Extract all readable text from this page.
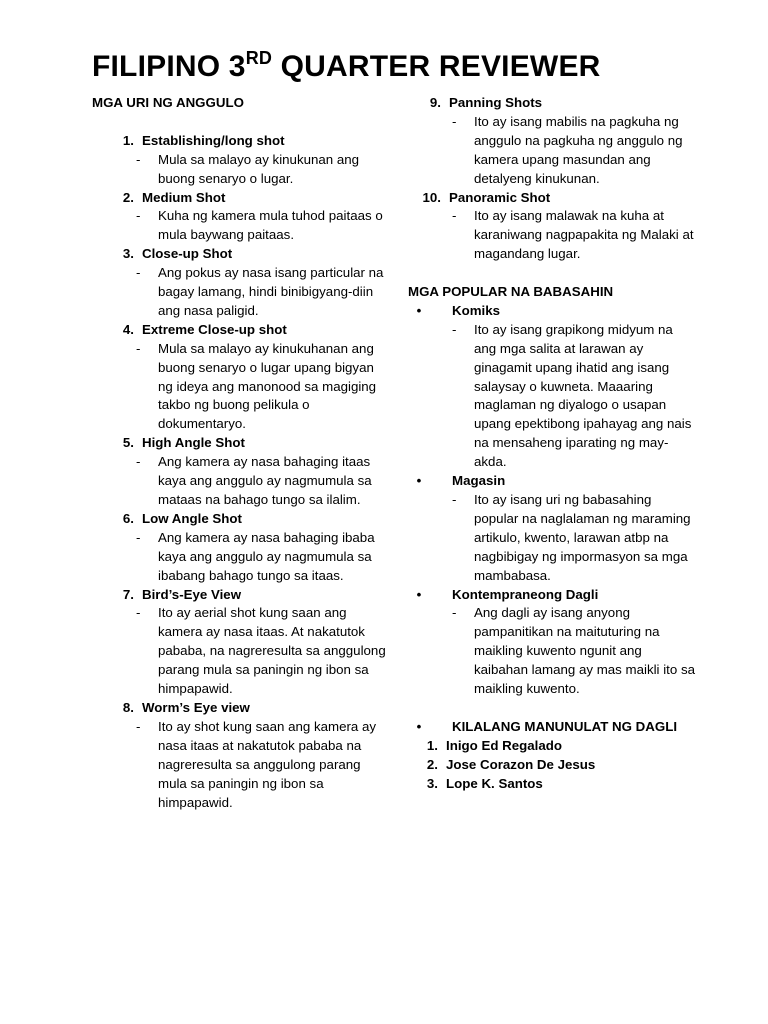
FILIPINO 3RD QUARTER REVIEWER
MGA URI NG ANGGULO
1. Establishing/long shot
-	Mula sa malayo ay kinukunan ang buong senaryo o lugar.
2. Medium Shot
-	Kuha ng kamera mula tuhod paitaas o mula baywang paitaas.
3. Close-up Shot
-	Ang pokus ay nasa isang particular na bagay lamang, hindi binibigyang-diin ang nasa paligid.
4. Extreme Close-up shot
-	Mula sa malayo ay kinukuhanan ang buong senaryo o lugar upang bigyan ng ideya ang manonood sa magiging takbo ng buong pelikula o dokumentaryo.
5. High Angle Shot
-	Ang kamera ay nasa bahaging itaas kaya ang anggulo ay nagmumula sa mataas na bahago tungo sa ilalim.
6. Low Angle Shot
-	Ang kamera ay nasa bahaging ibaba kaya ang anggulo ay nagmumula sa ibabang bahago tungo sa itaas.
7. Bird’s-Eye View
-	Ito ay aerial shot kung saan ang kamera ay nasa itaas. At nakatutok pababa, na nagreresulta sa anggulong parang mula sa paningin ng ibon sa himpapawid.
8. Worm’s Eye view
-	Ito ay shot kung saan ang kamera ay nasa itaas at nakatutok pababa na nagreresulta sa anggulong parang mula sa paningin ng ibon sa himpapawid.
9. Panning Shots
-	Ito ay isang mabilis na pagkuha ng anggulo na pagkuha ng anggulo ng kamera upang masundan ang detalyeng kinukunan.
10. Panoramic Shot
-	Ito ay isang malawak na kuha at karaniwang nagpapakita ng Malaki at magandang lugar.
MGA POPULAR NA BABASAHIN
•	Komiks
-	Ito ay isang grapikong midyum na ang mga salita at larawan ay ginagamit upang ihatid ang isang salaysay o kuwneta. Maaaring maglaman ng diyalogo o usapan upang epektibong ipahayag ang nais na mensaheng iparating ng may-akda.
•	Magasin
-	Ito ay isang uri ng babasahing popular na naglalaman ng maraming artikulo, kwento, larawan atbp na nagbibigay ng impormasyon sa mga mambabasa.
•	Kontempraneong Dagli
-	Ang dagli ay isang anyong pampanitikan na maituturing na maikling kuwento ngunit ang kaibahan lamang ay mas maikli ito sa maikling kuwento.
•	KILALANG MANUNULAT NG DAGLI
1. Inigo Ed Regalado
2. Jose Corazon De Jesus
3. Lope K. Santos
